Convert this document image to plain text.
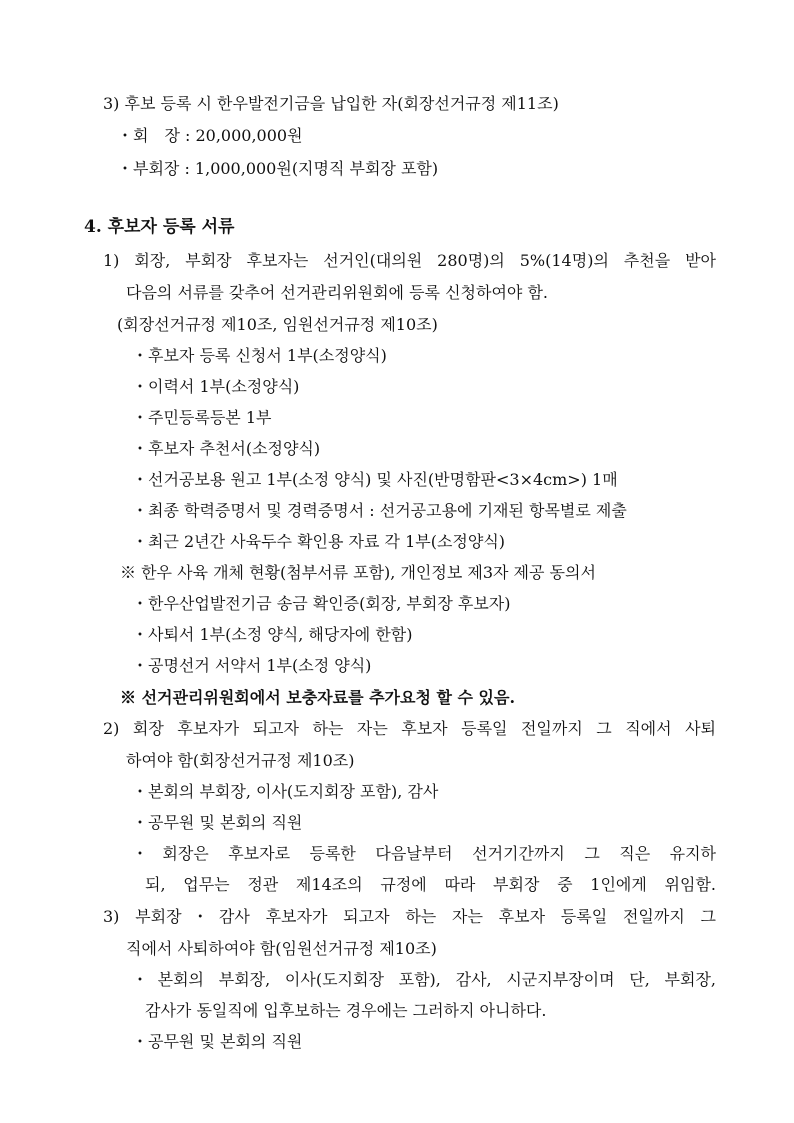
3) 후보 등록 시 한우발전기금을 납입한 자(회장선거규정 제11조)
・회　장 : 20,000,000원
・부회장 : 1,000,000원(지명직 부회장 포함)
4. 후보자 등록 서류
1) 회장, 부회장 후보자는 선거인(대의원 280명)의 5%(14명)의 추천을 받아
다음의 서류를 갖추어 선거관리위원회에 등록 신청하여야 함.
(회장선거규정 제10조, 임원선거규정 제10조)
・후보자 등록 신청서 1부(소정양식)
・이력서 1부(소정양식)
・주민등록등본 1부
・후보자 추천서(소정양식)
・선거공보용 원고 1부(소정 양식) 및 사진(반명함판<3×4cm>) 1매
・최종 학력증명서 및 경력증명서 : 선거공고용에 기재된 항목별로 제출
・최근 2년간 사육두수 확인용 자료 각 1부(소정양식)
※ 한우 사육 개체 현황(첨부서류 포함), 개인정보 제3자 제공 동의서
・한우산업발전기금 송금 확인증(회장, 부회장 후보자)
・사퇴서 1부(소정 양식, 해당자에 한함)
・공명선거 서약서 1부(소정 양식)
※ 선거관리위원회에서 보충자료를 추가요청 할 수 있음.
2) 회장 후보자가 되고자 하는 자는 후보자 등록일 전일까지 그 직에서 사퇴
하여야 함(회장선거규정 제10조)
・본회의 부회장, 이사(도지회장 포함), 감사
・공무원 및 본회의 직원
・회장은 후보자로 등록한 다음날부터 선거기간까지 그 직은 유지하
되, 업무는 정관 제14조의 규정에 따라 부회장 중 1인에게 위임함.
3) 부회장・감사 후보자가 되고자 하는 자는 후보자 등록일 전일까지 그
직에서 사퇴하여야 함(임원선거규정 제10조)
・본회의 부회장, 이사(도지회장 포함), 감사, 시군지부장이며 단, 부회장,
감사가 동일직에 입후보하는 경우에는 그러하지 아니하다.
・공무원 및 본회의 직원
